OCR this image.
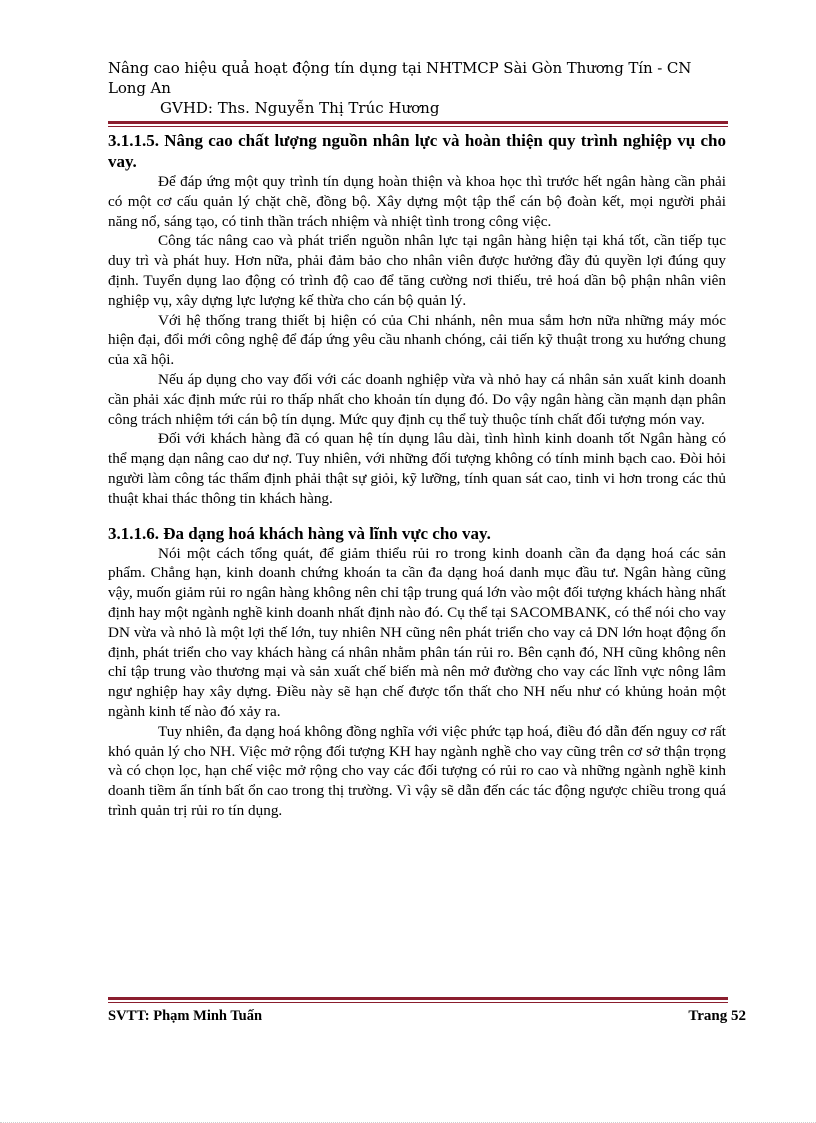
Nâng cao hiệu quả hoạt động tín dụng tại NHTMCP Sài Gòn Thương Tín - CN Long An
GVHD: Ths. Nguyễn Thị Trúc Hương
3.1.1.5. Nâng cao chất lượng nguồn nhân lực và hoàn thiện quy trình nghiệp vụ cho vay.

Để đáp ứng một quy trình tín dụng hoàn thiện và khoa học thì trước hết ngân hàng cần phải có một cơ cấu quản lý chặt chẽ, đồng bộ. Xây dựng một tập thể cán bộ đoàn kết, mọi người phải năng nổ, sáng tạo, có tinh thần trách nhiệm và nhiệt tình trong công việc.

Công tác nâng cao và phát triển nguồn nhân lực tại ngân hàng hiện tại khá tốt, cần tiếp tục duy trì và phát huy. Hơn nữa, phải đảm bảo cho nhân viên được hưởng đầy đủ quyền lợi đúng quy định. Tuyển dụng lao động có trình độ cao để tăng cường nơi thiếu, trẻ hoá dần bộ phận nhân viên nghiệp vụ, xây dựng lực lượng kế thừa cho cán bộ quản lý.

Với hệ thống trang thiết bị hiện có của Chi nhánh, nên mua sắm hơn nữa những máy móc hiện đại, đổi mới công nghệ để đáp ứng yêu cầu nhanh chóng, cải tiến kỹ thuật trong xu hướng chung của xã hội.

Nếu áp dụng cho vay đối với các doanh nghiệp vừa và nhỏ hay cá nhân sản xuất kinh doanh cần phải xác định mức rủi ro thấp nhất cho khoản tín dụng đó. Do vậy ngân hàng cần mạnh dạn phân công trách nhiệm tới cán bộ tín dụng. Mức quy định cụ thể tuỳ thuộc tính chất đối tượng món vay.

Đối với khách hàng đã có quan hệ tín dụng lâu dài, tình hình kinh doanh tốt Ngân hàng có thể mạng dạn nâng cao dư nợ. Tuy nhiên, với những đối tượng không có tính minh bạch cao. Đòi hỏi người làm công tác thẩm định phải thật sự giỏi, kỹ lưỡng, tính quan sát cao, tinh vi hơn trong các thủ thuật khai thác thông tin khách hàng.

3.1.1.6. Đa dạng hoá khách hàng và lĩnh vực cho vay.

Nói một cách tổng quát, để giảm thiểu rủi ro trong kinh doanh cần đa dạng hoá các sản phẩm. Chẳng hạn, kinh doanh chứng khoán ta cần đa dạng hoá danh mục đầu tư. Ngân hàng cũng vậy, muốn giảm rủi ro ngân hàng không nên chỉ tập trung quá lớn vào một đối tượng khách hàng nhất định hay một ngành nghề kinh doanh nhất định nào đó. Cụ thể tại SACOMBANK, có thể nói cho vay DN vừa và nhỏ là một lợi thế lớn, tuy nhiên NH cũng nên phát triển cho vay cả DN lớn hoạt động ổn định, phát triển cho vay khách hàng cá nhân nhằm phân tán rủi ro. Bên cạnh đó, NH cũng không nên chỉ tập trung vào thương mại và sản xuất chế biến mà nên mở đường cho vay các lĩnh vực nông lâm ngư nghiệp hay xây dựng. Điều này sẽ hạn chế được tổn thất cho NH nếu như có khủng hoản một ngành kinh tế nào đó xảy ra.

Tuy nhiên, đa dạng hoá không đồng nghĩa với việc phức tạp hoá, điều đó dẫn đến nguy cơ rất khó quản lý cho NH. Việc mở rộng đối tượng KH hay ngành nghề cho vay cũng trên cơ sở thận trọng và có chọn lọc, hạn chế việc mở rộng cho vay các đối tượng có rủi ro cao và những ngành nghề kinh doanh tiềm ẩn tính bất ổn cao trong thị trường. Vì vậy sẽ dẫn đến các tác động ngược chiều trong quá trình quản trị rủi ro tín dụng.

SVTT: Phạm Minh Tuấn	Trang 52
